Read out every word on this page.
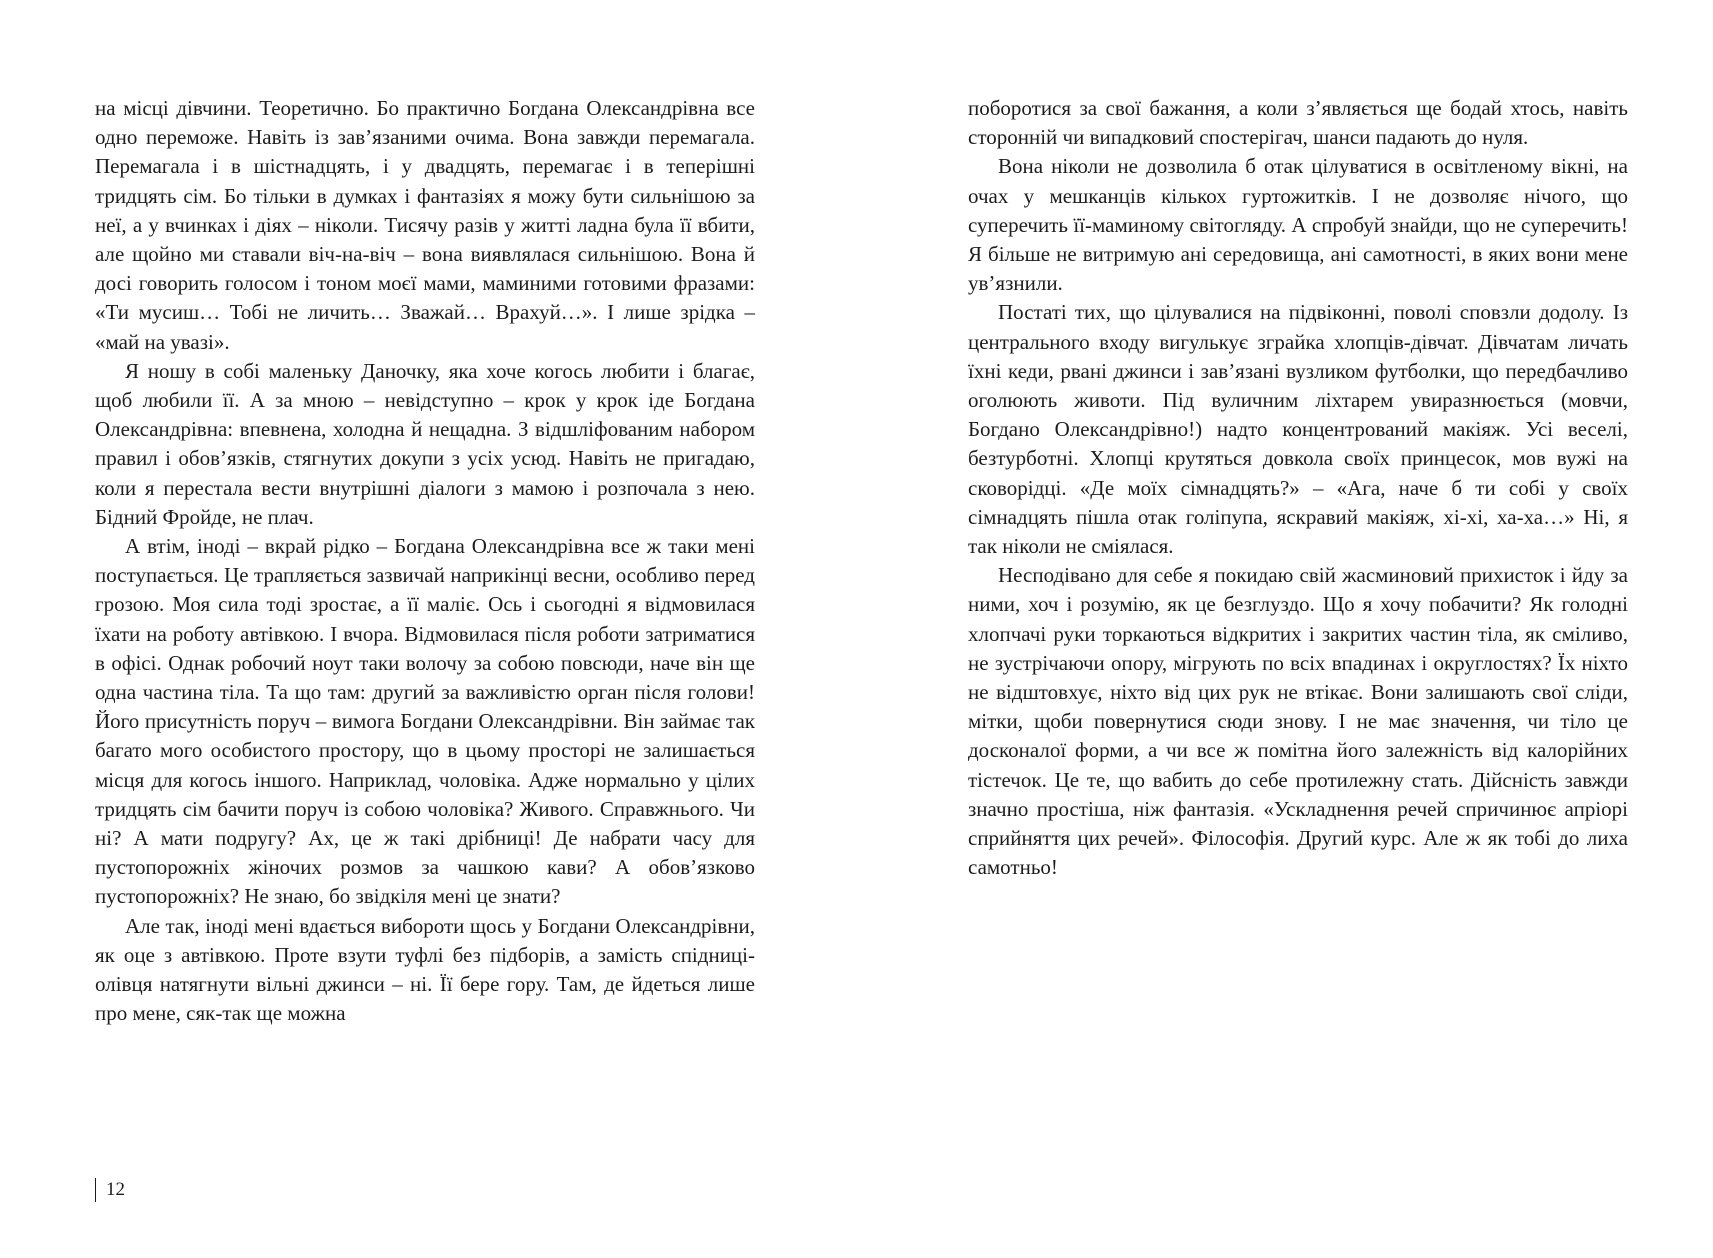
на місці дівчини. Теоретично. Бо практично Богдана Олександрівна все одно переможе. Навіть із зав’язаними очима. Вона завжди перемагала. Перемагала і в шістнадцять, і у двадцять, перемагає і в теперішні тридцять сім. Бо тільки в думках і фантазіях я можу бути сильнішою за неї, а у вчинках і діях – ніколи. Тисячу разів у житті ладна була її вбити, але щойно ми ставали віч-на-віч – вона виявлялася сильнішою. Вона й досі говорить голосом і тоном моєї мами, маминими готовими фразами: «Ти мусиш… Тобі не личить… Зважай… Врахуй…». І лише зрідка – «май на увазі».

Я ношу в собі маленьку Даночку, яка хоче когось любити і благає, щоб любили її. А за мною – невідступно – крок у крок іде Богдана Олександрівна: впевнена, холодна й нещадна. З відшліфованим набором правил і обов’язків, стягнутих докупи з усіх усюд. Навіть не пригадаю, коли я перестала вести внутрішні діалоги з мамою і розпочала з нею. Бідний Фройде, не плач.

А втім, іноді – вкрай рідко – Богдана Олександрівна все ж таки мені поступається. Це трапляється зазвичай наприкінці весни, особливо перед грозою. Моя сила тоді зростає, а її маліє. Ось і сьогодні я відмовилася їхати на роботу автівкою. І вчора. Відмовилася після роботи затриматися в офісі. Однак робочий ноут таки волочу за собою повсюди, наче він ще одна частина тіла. Та що там: другий за важливістю орган після голови! Його присутність поруч – вимога Богдани Олександрівни. Він займає так багато мого особистого простору, що в цьому просторі не залишається місця для когось іншого. Наприклад, чоловіка. Адже нормально у цілих тридцять сім бачити поруч із собою чоловіка? Живого. Справжнього. Чи ні? А мати подругу? Ах, це ж такі дрібниці! Де набрати часу для пустопорожніх жіночих розмов за чашкою кави? А обов’язково пустопорожніх? Не знаю, бо звідкіля мені це знати?

Але так, іноді мені вдається вибороти щось у Богдани Олександрівни, як оце з автівкою. Проте взути туфлі без підборів, а замість спідниці-олівця натягнути вільні джинси – ні. Її бере гору. Там, де йдеться лише про мене, сяк-так ще можна

поборотися за свої бажання, а коли з’являється ще бодай хтось, навіть сторонній чи випадковий спостерігач, шанси падають до нуля.

Вона ніколи не дозволила б отак цілуватися в освітленому вікні, на очах у мешканців кількох гуртожитків. І не дозволяє нічого, що суперечить її-маминому світогляду. А спробуй знайди, що не суперечить! Я більше не витримую ані середовища, ані самотності, в яких вони мене ув’язнили.

Постаті тих, що цілувалися на підвіконні, поволі сповзли додолу. Із центрального входу вигулькує зграйка хлопців-дівчат. Дівчатам личать їхні кеди, рвані джинси і зав’язані вузликом футболки, що передбачливо оголюють животи. Під вуличним ліхтарем увиразнюється (мовчи, Богдано Олександрівно!) надто концентрований макіяж. Усі веселі, безтурботні. Хлопці крутяться довкола своїх принцесок, мов вужі на сковорідці. «Де моїх сімнадцять?» – «Ага, наче б ти собі у своїх сімнадцять пішла отак голіпупа, яскравий макіяж, хі-хі, ха-ха…» Ні, я так ніколи не сміялася.

Несподівано для себе я покидаю свій жасминовий прихисток і йду за ними, хоч і розумію, як це безглуздо. Що я хочу побачити? Як голодні хлопчачі руки торкаються відкритих і закритих частин тіла, як сміливо, не зустрічаючи опору, мігрують по всіх впадинах і округлостях? Їх ніхто не відштовхує, ніхто від цих рук не втікає. Вони залишають свої сліди, мітки, щоби повернутися сюди знову. І не має значення, чи тіло це досконалої форми, а чи все ж помітна його залежність від калорійних тістечок. Це те, що вабить до себе протилежну стать. Дійсність завжди значно простіша, ніж фантазія. «Ускладнення речей спричинює апріорі сприйняття цих речей». Філософія. Другий курс. Але ж як тобі до лиха самотньо!

12
